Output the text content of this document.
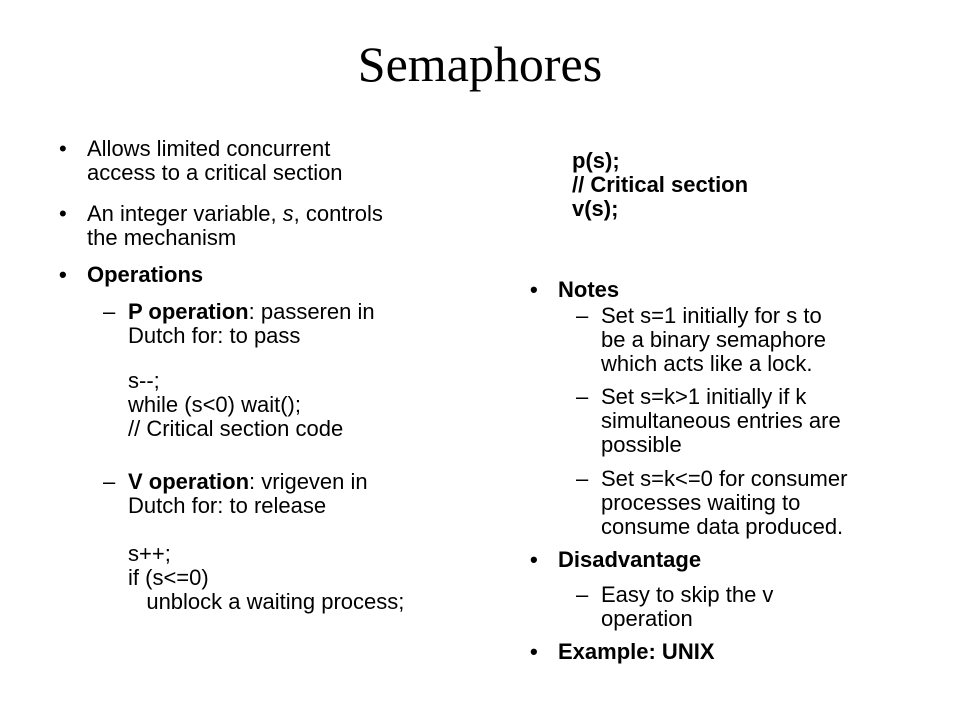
Semaphores
• Allows limited concurrent
access to a critical section
• An integer variable, s, controls
the mechanism
• Operations
– P operation: passeren in
Dutch for: to pass
s--;
while (s<0) wait();
// Critical section code
– V operation: vrigeven in
Dutch for: to release
s++;
if (s<=0)
unblock a waiting process;
p(s);
// Critical section
v(s);
• Notes
– Set s=1 initially for s to
be a binary semaphore
which acts like a lock.
– Set s=k>1 initially if k
simultaneous entries are
possible
– Set s=k<=0 for consumer
processes waiting to
consume data produced.
• Disadvantage
– Easy to skip the v
operation
• Example: UNIX
